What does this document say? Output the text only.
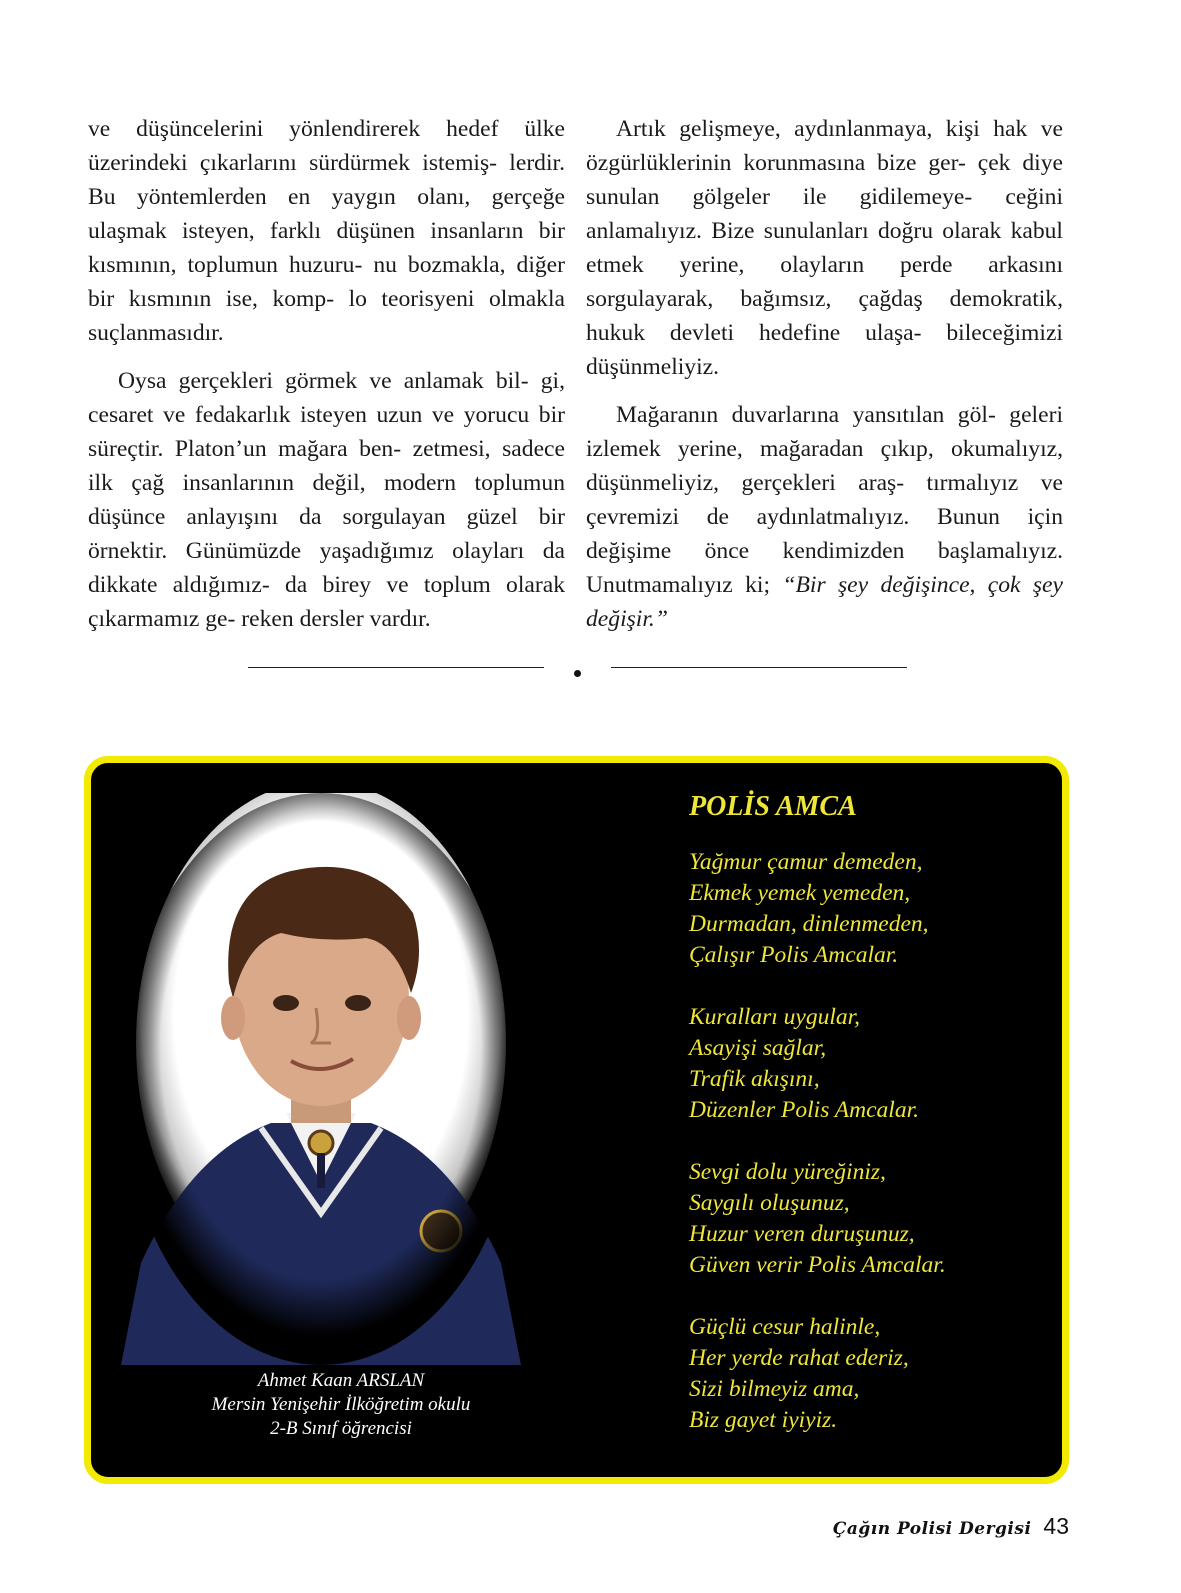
ve düşüncelerini yönlendirerek hedef ülke üzerindeki çıkarlarını sürdürmek istemiş- lerdir. Bu yöntemlerden en yaygın olanı, gerçeğe ulaşmak isteyen, farklı düşünen insanların bir kısmının, toplumun huzuru- nu bozmakla, diğer bir kısmının ise, komp- lo teorisyeni olmakla suçlanmasıdır.

Oysa gerçekleri görmek ve anlamak bil- gi, cesaret ve fedakarlık isteyen uzun ve yorucu bir süreçtir. Platon’un mağara ben- zetmesi, sadece ilk çağ insanlarının değil, modern toplumun düşünce anlayışını da sorgulayan güzel bir örnektir. Günümüzde yaşadığımız olayları da dikkate aldığımız- da birey ve toplum olarak çıkarmamız ge- reken dersler vardır.

Artık gelişmeye, aydınlanmaya, kişi hak ve özgürlüklerinin korunmasına bize ger- çek diye sunulan gölgeler ile gidilemeye- ceğini anlamalıyız. Bize sunulanları doğru olarak kabul etmek yerine, olayların perde arkasını sorgulayarak, bağımsız, çağdaş demokratik, hukuk devleti hedefine ulaşa- bileceğimizi düşünmeliyiz.

Mağaranın duvarlarına yansıtılan göl- geleri izlemek yerine, mağaradan çıkıp, okumalıyız, düşünmeliyiz, gerçekleri araş- tırmalıyız ve çevremizi de aydınlatmalıyız. Bunun için değişime önce kendimizden başlamalıyız. Unutmamalıyız ki; “Bir şey değişince, çok şey değişir.”

Ahmet Kaan ARSLAN
Mersin Yenişehir İlköğretim okulu
2-B Sınıf öğrencisi
POLİS AMCA
Yağmur çamur demeden,
Ekmek yemek yemeden,
Durmadan, dinlenmeden,
Çalışır Polis Amcalar.
Kuralları uygular,
Asayişi sağlar,
Trafik akışını,
Düzenler Polis Amcalar.
Sevgi dolu yüreğiniz,
Saygılı oluşunuz,
Huzur veren duruşunuz,
Güven verir Polis Amcalar.
Güçlü cesur halinle,
Her yerde rahat ederiz,
Sizi bilmeyiz ama,
Biz gayet iyiyiz.
Çağın Polisi Dergisi 43
